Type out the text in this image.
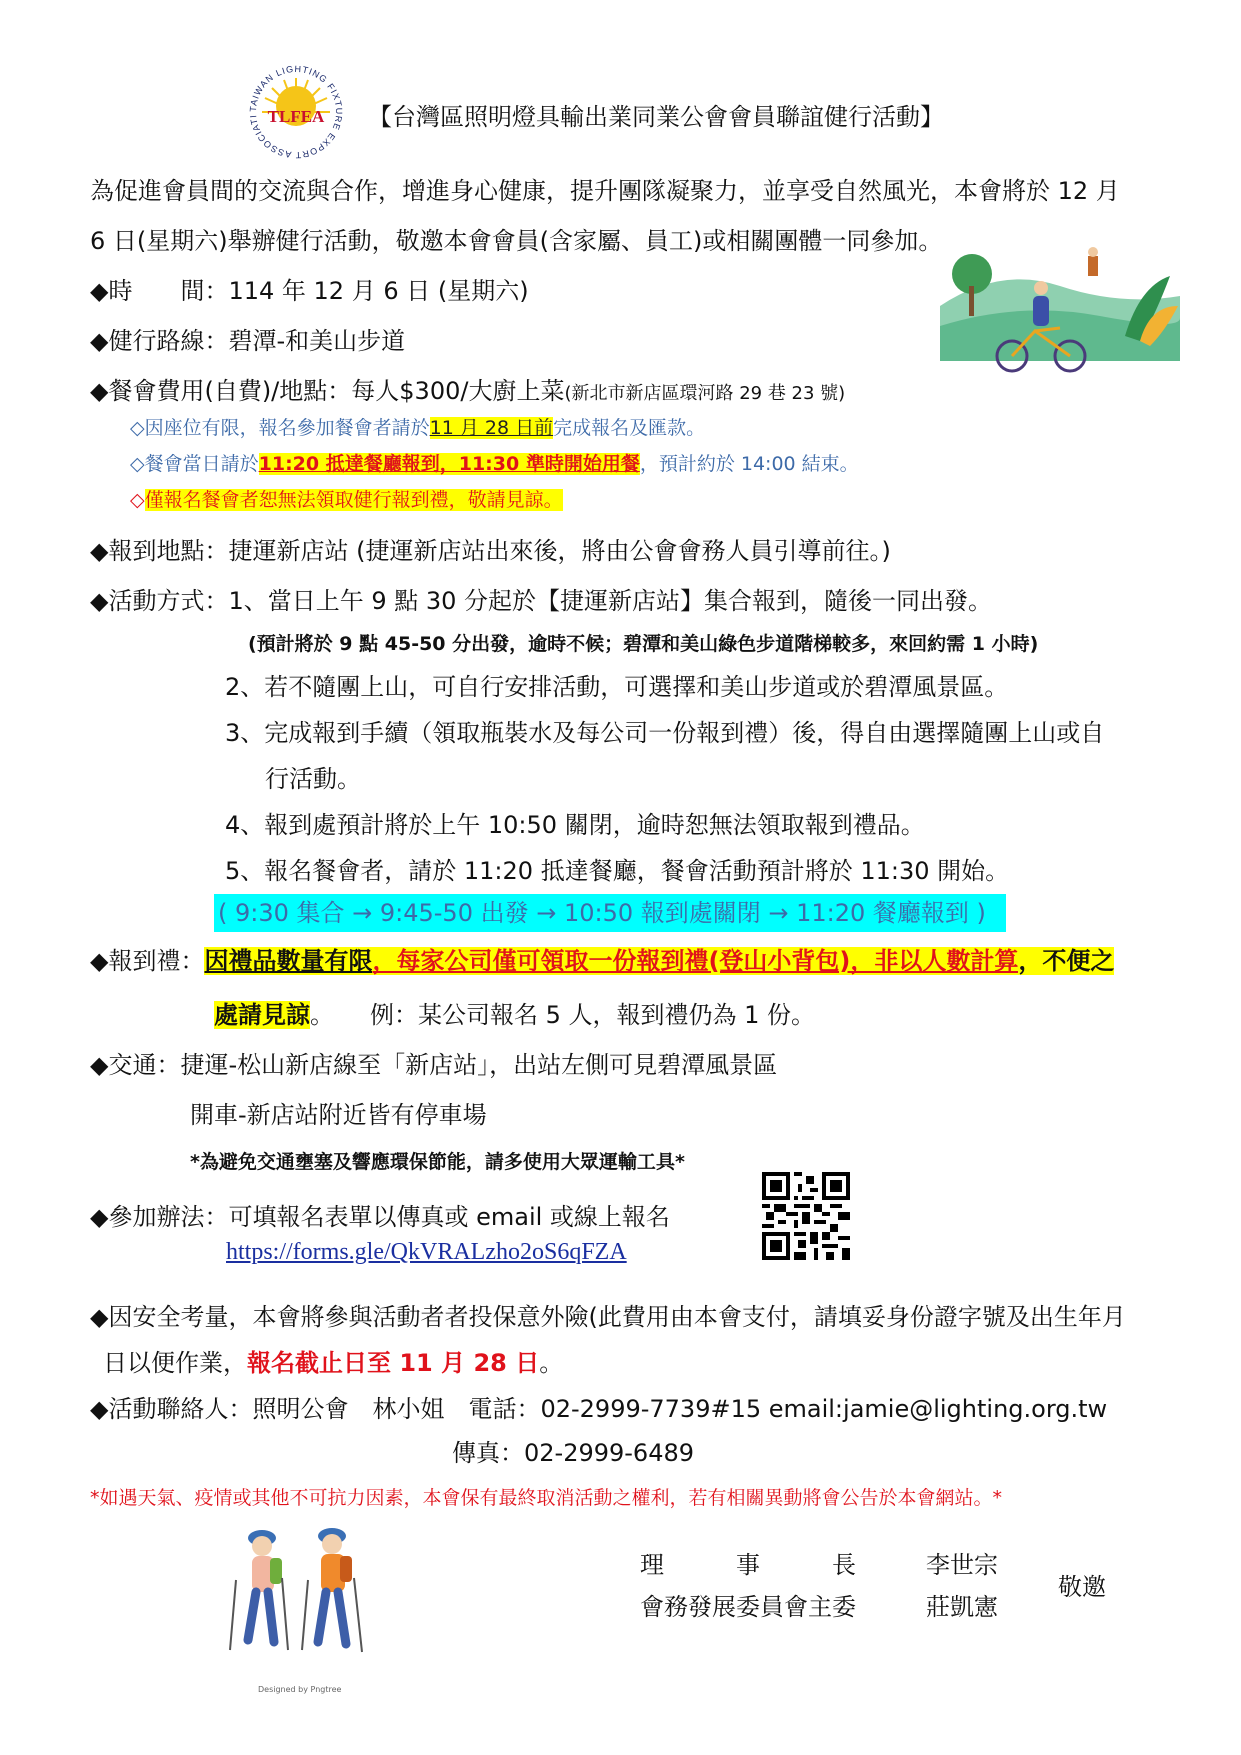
TAIWAN LIGHTING FIXTURE EXPORT ASSOCIATI TLFEA 【台灣區照明燈具輸出業同業公會會員聯誼健行活動】
為促進會員間的交流與合作，增進身心健康，提升團隊凝聚力，並享受自然風光，本會將於 12 月
6 日(星期六)舉辦健行活動，敬邀本會會員(含家屬、員工)或相關團體一同參加。
◆時　　間：114 年 12 月 6 日 (星期六)
◆健行路線：碧潭-和美山步道
◆餐會費用(自費)/地點：每人$300/大廚上菜(新北市新店區環河路 29 巷 23 號)
◇因座位有限，報名參加餐會者請於11 月 28 日前完成報名及匯款。
◇餐會當日請於11:20 抵達餐廳報到，11:30 準時開始用餐，預計約於 14:00 結束。
◇僅報名餐會者恕無法領取健行報到禮，敬請見諒。
◆報到地點：捷運新店站 (捷運新店站出來後，將由公會會務人員引導前往。)
◆活動方式：1、當日上午 9 點 30 分起於【捷運新店站】集合報到，隨後一同出發。
(預計將於 9 點 45-50 分出發，逾時不候；碧潭和美山綠色步道階梯較多，來回約需 1 小時)
2、若不隨團上山，可自行安排活動，可選擇和美山步道或於碧潭風景區。
3、完成報到手續（領取瓶裝水及每公司一份報到禮）後，得自由選擇隨團上山或自
行活動。
4、報到處預計將於上午 10:50 關閉，逾時恕無法領取報到禮品。
5、報名餐會者，請於 11:20 抵達餐廳，餐會活動預計將於 11:30 開始。
( 9:30 集合 → 9:45-50 出發 → 10:50 報到處關閉 → 11:20 餐廳報到 )
◆報到禮：因禮品數量有限，每家公司僅可領取一份報到禮(登山小背包)，非以人數計算，不便之
處請見諒。　　例：某公司報名 5 人，報到禮仍為 1 份。
◆交通：捷運-松山新店線至「新店站」，出站左側可見碧潭風景區
開車-新店站附近皆有停車場
*為避免交通壅塞及響應環保節能，請多使用大眾運輸工具*
◆參加辦法：可填報名表單以傳真或 email 或線上報名
https://forms.gle/QkVRALzho2oS6qFZA
◆因安全考量，本會將參與活動者者投保意外險(此費用由本會支付，請填妥身份證字號及出生年月
日以便作業，報名截止日至 11 月 28 日。
◆活動聯絡人：照明公會　林小姐　電話：02-2999-7739#15 email:jamie@lighting.org.tw
傳真：02-2999-6489
*如遇天氣、疫情或其他不可抗力因素，本會保有最終取消活動之權利，若有相關異動將會公告於本會網站。*
Designed by Pngtree
理　　　事　　　長	李世宗
會務發展委員會主委	莊凱憲
敬邀
